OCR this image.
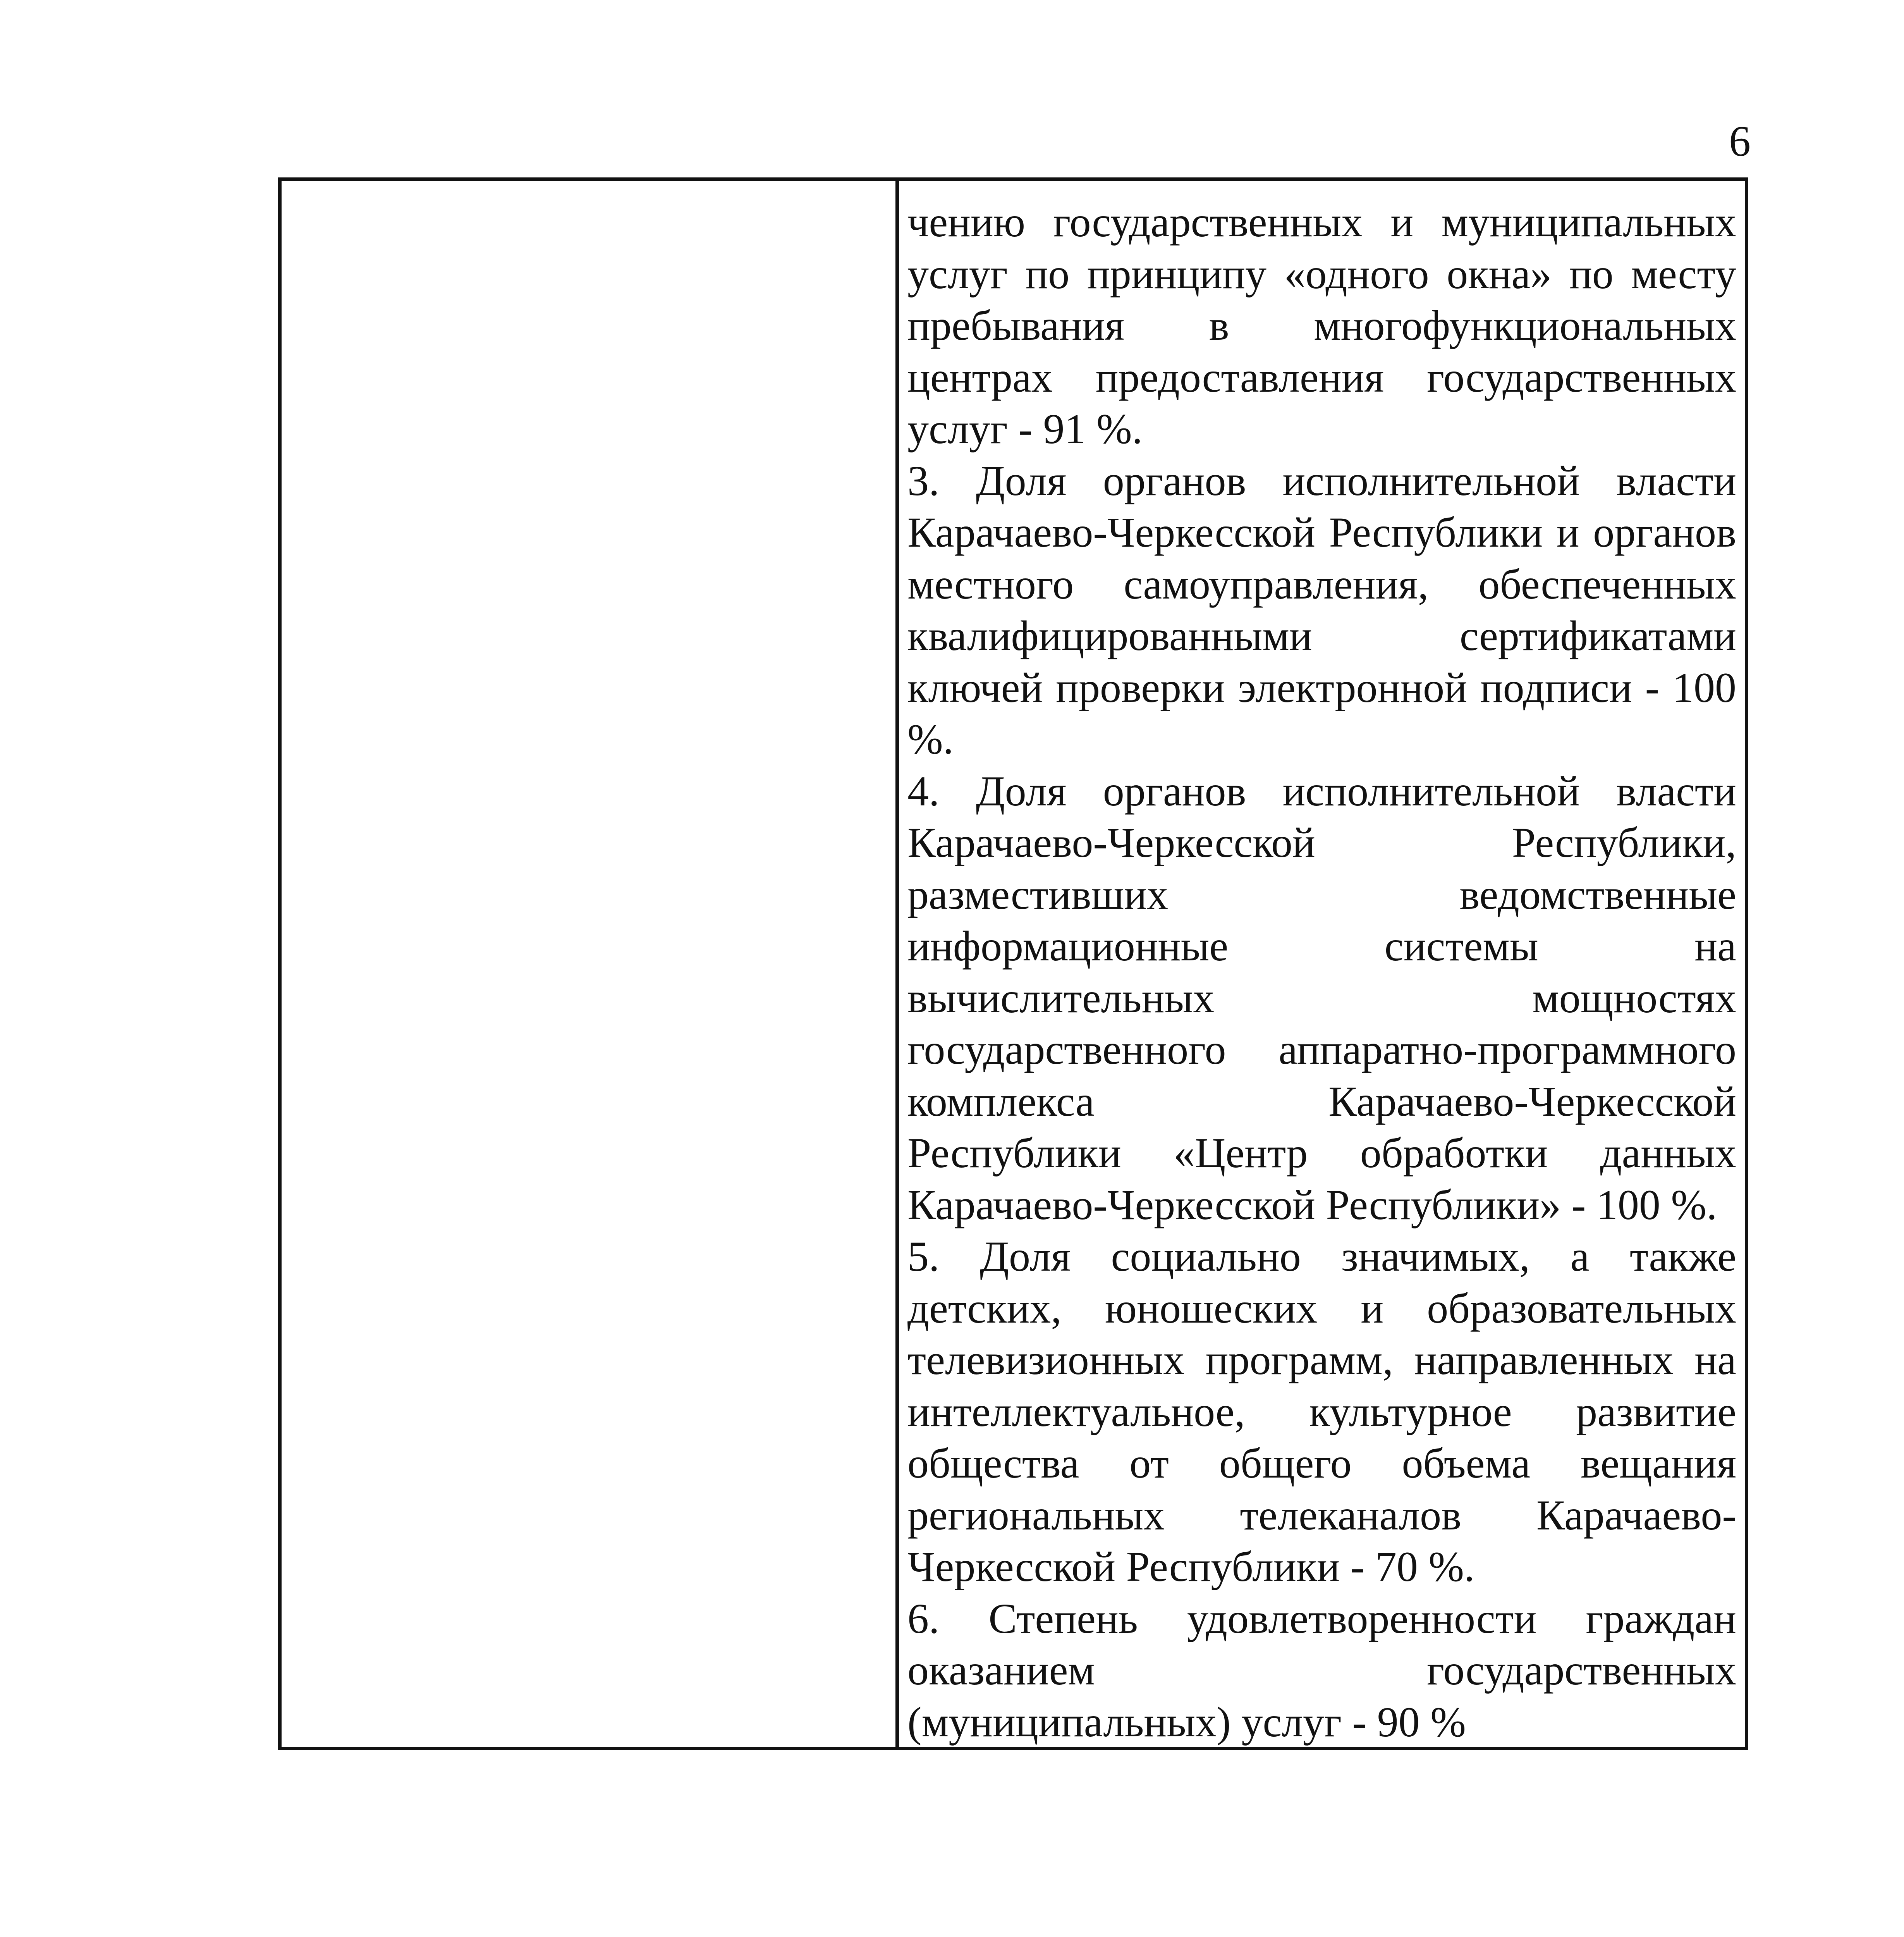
6

чению государственных и муниципальных услуг по принципу «одного окна» по месту пребывания в многофункциональных центрах предоставления государственных услуг - 91 %.

3. Доля органов исполнительной власти Карачаево-Черкесской Республики и органов местного самоуправления, обеспеченных квалифицированными сертификатами ключей проверки электронной подписи - 100 %.

4. Доля органов исполнительной власти Карачаево-Черкесской Республики, разместивших ведомственные информационные системы на вычислительных мощностях государственного аппаратно-программного комплекса Карачаево-Черкесской Республики «Центр обработки данных Карачаево-Черкесской Республики» - 100 %.

5. Доля социально значимых, а также детских, юношеских и образовательных телевизионных программ, направленных на интеллектуальное, культурное развитие общества от общего объема вещания региональных телеканалов Карачаево-Черкесской Республики - 70 %.

6. Степень удовлетворенности граждан оказанием государственных (муниципальных) услуг - 90 %
